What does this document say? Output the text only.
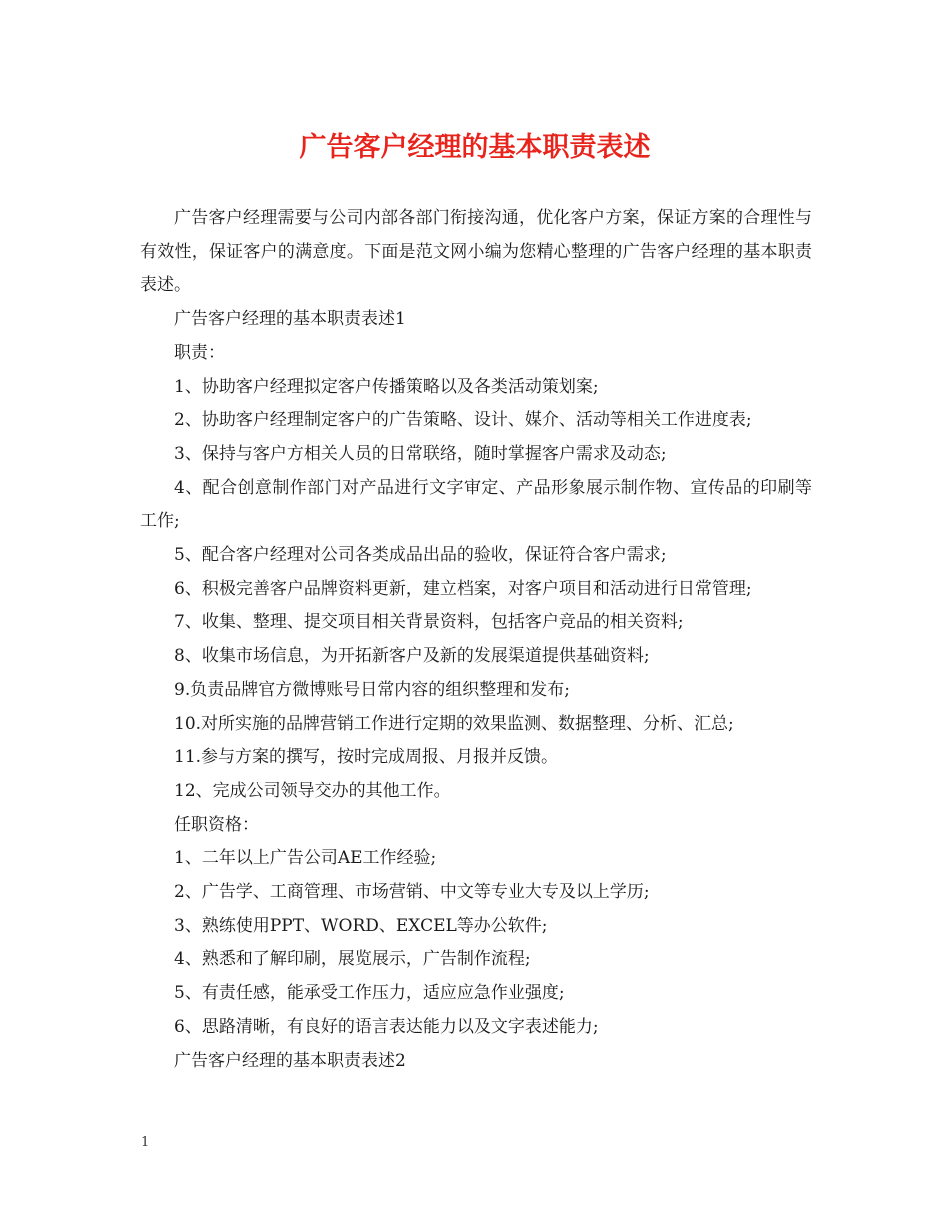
广告客户经理的基本职责表述

广告客户经理需要与公司内部各部门衔接沟通，优化客户方案，保证方案的合理性与有效性，保证客户的满意度。下面是范文网小编为您精心整理的广告客户经理的基本职责表述。

广告客户经理的基本职责表述1

职责：

1、协助客户经理拟定客户传播策略以及各类活动策划案;

2、协助客户经理制定客户的广告策略、设计、媒介、活动等相关工作进度表;

3、保持与客户方相关人员的日常联络，随时掌握客户需求及动态;

4、配合创意制作部门对产品进行文字审定、产品形象展示制作物、宣传品的印刷等工作;

5、配合客户经理对公司各类成品出品的验收，保证符合客户需求;

6、积极完善客户品牌资料更新，建立档案，对客户项目和活动进行日常管理;

7、收集、整理、提交项目相关背景资料，包括客户竞品的相关资料;

8、收集市场信息，为开拓新客户及新的发展渠道提供基础资料;

9.负责品牌官方微博账号日常内容的组织整理和发布;

10.对所实施的品牌营销工作进行定期的效果监测、数据整理、分析、汇总;

11.参与方案的撰写，按时完成周报、月报并反馈。

12、完成公司领导交办的其他工作。

任职资格：

1、二年以上广告公司AE工作经验;

2、广告学、工商管理、市场营销、中文等专业大专及以上学历;

3、熟练使用PPT、WORD、EXCEL等办公软件;

4、熟悉和了解印刷，展览展示，广告制作流程;

5、有责任感，能承受工作压力，适应应急作业强度;

6、思路清晰，有良好的语言表达能力以及文字表述能力;

广告客户经理的基本职责表述2

1
